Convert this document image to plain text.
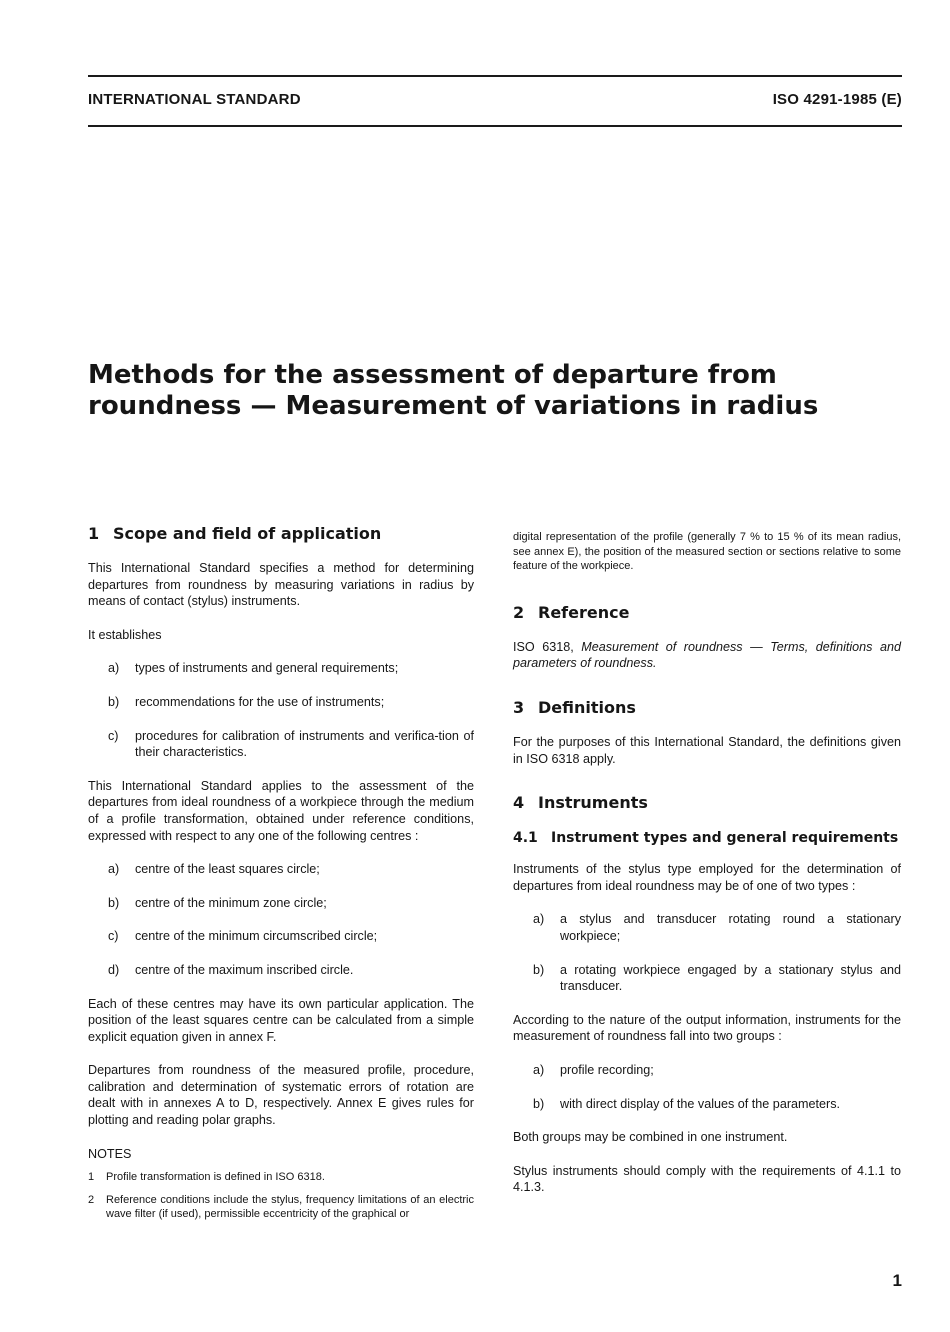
INTERNATIONAL STANDARD	ISO 4291-1985 (E)
Methods for the assessment of departure from
roundness — Measurement of variations in radius
1 Scope and field of application

This International Standard specifies a method for determining departures from roundness by measuring variations in radius by means of contact (stylus) instruments.

It establishes

a)	types of instruments and general requirements;
b)	recommendations for the use of instruments;
c)	procedures for calibration of instruments and verifica-tion of their characteristics.

This International Standard applies to the assessment of the departures from ideal roundness of a workpiece through the medium of a profile transformation, obtained under reference conditions, expressed with respect to any one of the following centres :

a)	centre of the least squares circle;
b)	centre of the minimum zone circle;
c)	centre of the minimum circumscribed circle;
d)	centre of the maximum inscribed circle.

Each of these centres may have its own particular application. The position of the least squares centre can be calculated from a simple explicit equation given in annex F.

Departures from roundness of the measured profile, procedure, calibration and determination of systematic errors of rotation are dealt with in annexes A to D, respectively. Annex E gives rules for plotting and reading polar graphs.

NOTES
1	Profile transformation is defined in ISO 6318.
2	Reference conditions include the stylus, frequency limitations of an electric wave filter (if used), permissible eccentricity of the graphical or
digital representation of the profile (generally 7 % to 15 % of its mean radius, see annex E), the position of the measured section or sections relative to some feature of the workpiece.
2 Reference

ISO 6318, Measurement of roundness — Terms, definitions and parameters of roundness.

3 Definitions

For the purposes of this International Standard, the definitions given in ISO 6318 apply.

4 Instruments
4.1 Instrument types and general requirements

Instruments of the stylus type employed for the determination of departures from ideal roundness may be of one of two types :

a)	a stylus and transducer rotating round a stationary workpiece;
b)	a rotating workpiece engaged by a stationary stylus and transducer.

According to the nature of the output information, instruments for the measurement of roundness fall into two groups :

a)	profile recording;
b)	with direct display of the values of the parameters.

Both groups may be combined in one instrument.

Stylus instruments should comply with the requirements of 4.1.1 to 4.1.3.

1
